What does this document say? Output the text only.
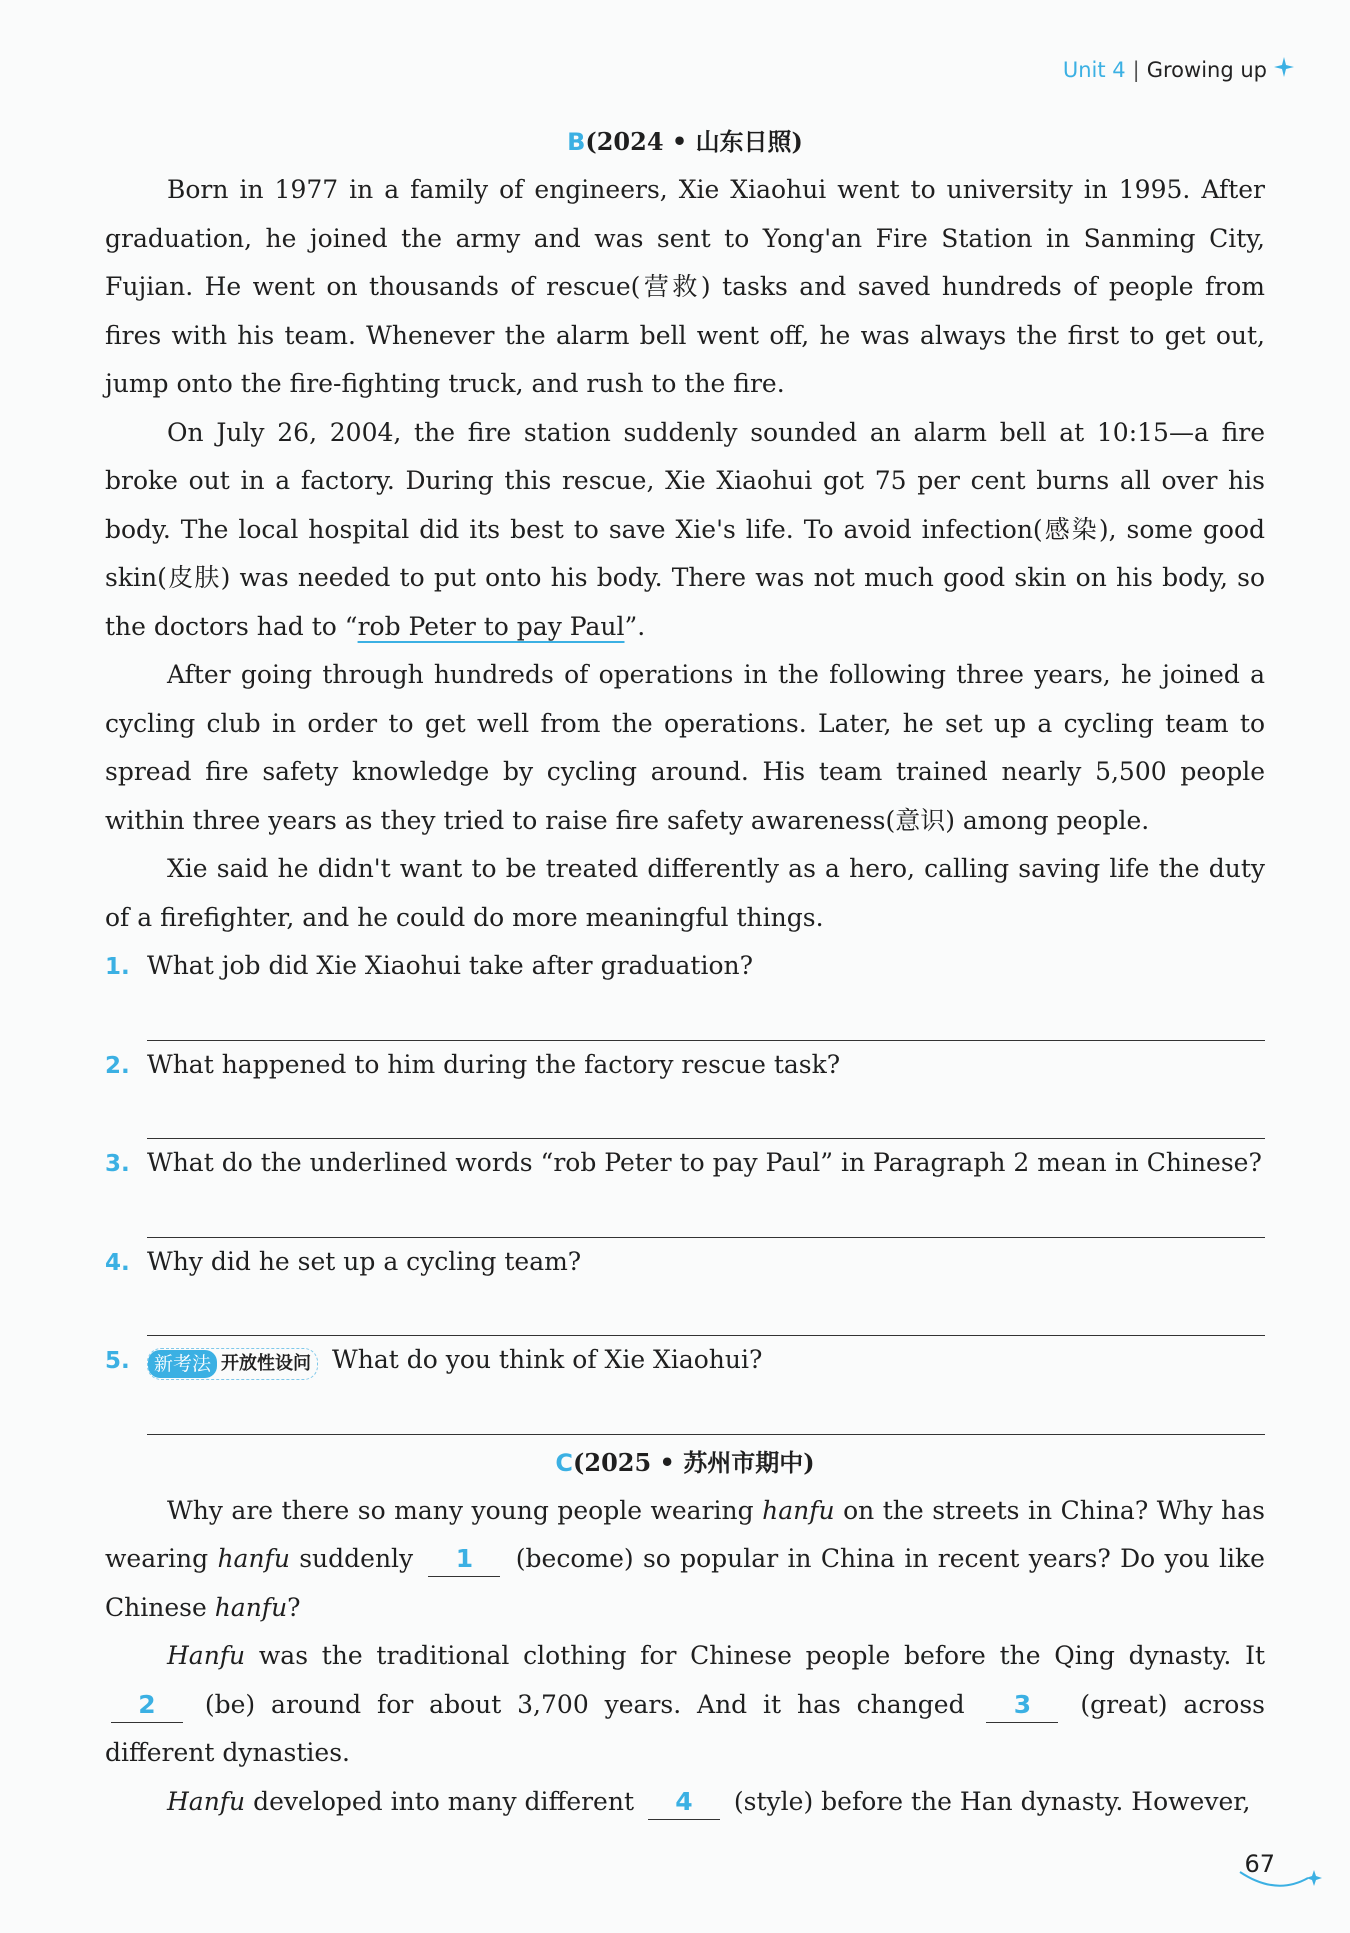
Unit 4 | Growing up
B(2024 • 山东日照)

Born in 1977 in a family of engineers, Xie Xiaohui went to university in 1995. After graduation, he joined the army and was sent to Yong'an Fire Station in Sanming City, Fujian. He went on thousands of rescue(营救) tasks and saved hundreds of people from fires with his team. Whenever the alarm bell went off, he was always the first to get out, jump onto the fire-fighting truck, and rush to the fire.

On July 26, 2004, the fire station suddenly sounded an alarm bell at 10:15—a fire broke out in a factory. During this rescue, Xie Xiaohui got 75 per cent burns all over his body. The local hospital did its best to save Xie's life. To avoid infection(感染), some good skin(皮肤) was needed to put onto his body. There was not much good skin on his body, so the doctors had to “rob Peter to pay Paul”.

After going through hundreds of operations in the following three years, he joined a cycling club in order to get well from the operations. Later, he set up a cycling team to spread fire safety knowledge by cycling around. His team trained nearly 5,500 people within three years as they tried to raise fire safety awareness(意识) among people.

Xie said he didn't want to be treated differently as a hero, calling saving life the duty of a firefighter, and he could do more meaningful things.

1. What job did Xie Xiaohui take after graduation?
2. What happened to him during the factory rescue task?
3. What do the underlined words “rob Peter to pay Paul” in Paragraph 2 mean in Chinese?
4. Why did he set up a cycling team?
5.	新考法 开放性设问 What do you think of Xie Xiaohui?
C(2025 • 苏州市期中)

Why are there so many young people wearing hanfu on the streets in China? Why has wearing hanfu suddenly 1 (become) so popular in China in recent years? Do you like Chinese hanfu?

Hanfu was the traditional clothing for Chinese people before the Qing dynasty. It 2 (be) around for about 3,700 years. And it has changed 3 (great) across different dynasties.

Hanfu developed into many different 4 (style) before the Han dynasty. However,

67
